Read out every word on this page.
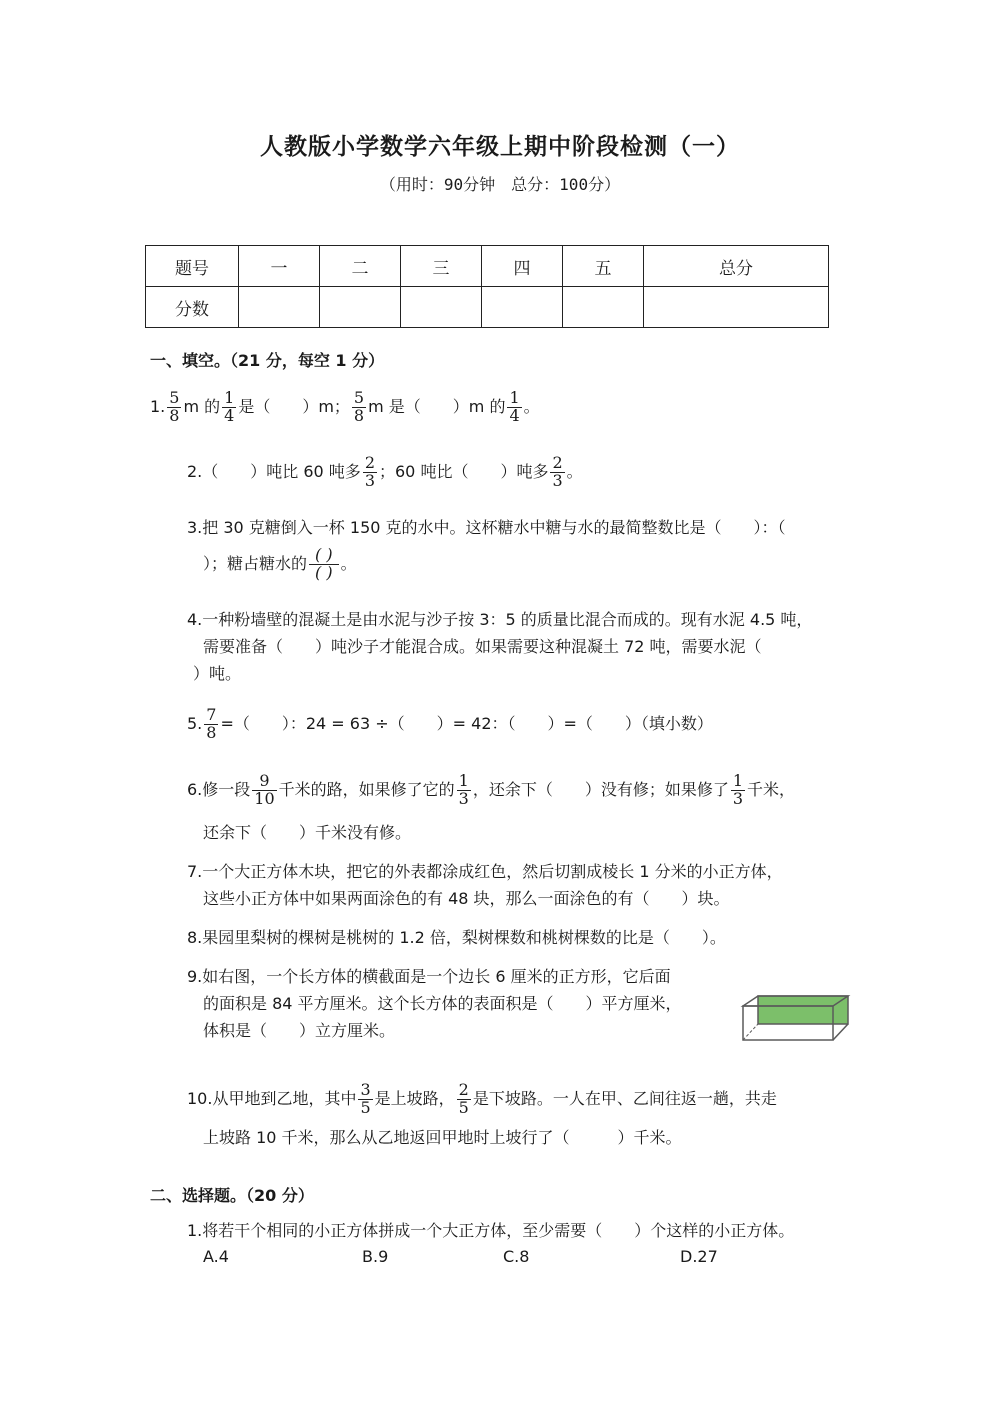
人教版小学数学六年级上期中阶段检测（一）
（用时：90分钟　总分：100分）
题号	一	二	三	四	五	总分
分数						
一、填空。（21 分，每空 1 分）
1. $\frac{5}{8}$ m 的 $\frac{1}{4}$ 是（　　）m； $\frac{5}{8}$ m 是（　　）m 的 $\frac{1}{4}$ 。
2.（　　）吨比 60 吨多 $\frac{2}{3}$ ；60 吨比（　　）吨多 $\frac{2}{3}$ 。
3.把 30 克糖倒入一杯 150 克的水中。这杯糖水中糖与水的最简整数比是（　　）：（
）；糖占糖水的 $\frac{( )}{( )}$ 。
4.一种粉墙壁的混凝土是由水泥与沙子按 3：5 的质量比混合而成的。现有水泥 4.5 吨，
需要准备（　　）吨沙子才能混合成。如果需要这种混凝土 72 吨，需要水泥（
）吨。
5. $\frac{7}{8}$ =（　　）：24 = 63 ÷（　　）= 42：（　　）=（　　）（填小数）
6.修一段 $\frac{9}{10}$ 千米的路，如果修了它的 $\frac{1}{3}$ ，还余下（　　）没有修；如果修了 $\frac{1}{3}$ 千米，
还余下（　　）千米没有修。
7.一个大正方体木块，把它的外表都涂成红色，然后切割成棱长 1 分米的小正方体，
这些小正方体中如果两面涂色的有 48 块，那么一面涂色的有（　　）块。
8.果园里梨树的棵树是桃树的 1.2 倍，梨树棵数和桃树棵数的比是（　　）。
9.如右图，一个长方体的横截面是一个边长 6 厘米的正方形，它后面
的面积是 84 平方厘米。这个长方体的表面积是（　　）平方厘米，
体积是（　　）立方厘米。
10.从甲地到乙地，其中 $\frac{3}{5}$ 是上坡路， $\frac{2}{5}$ 是下坡路。一人在甲、乙间往返一趟，共走
上坡路 10 千米，那么从乙地返回甲地时上坡行了（　　　）千米。
二、选择题。（20 分）
1.将若干个相同的小正方体拼成一个大正方体，至少需要（　　）个这样的小正方体。
A.4	B.9	C.8	D.27
